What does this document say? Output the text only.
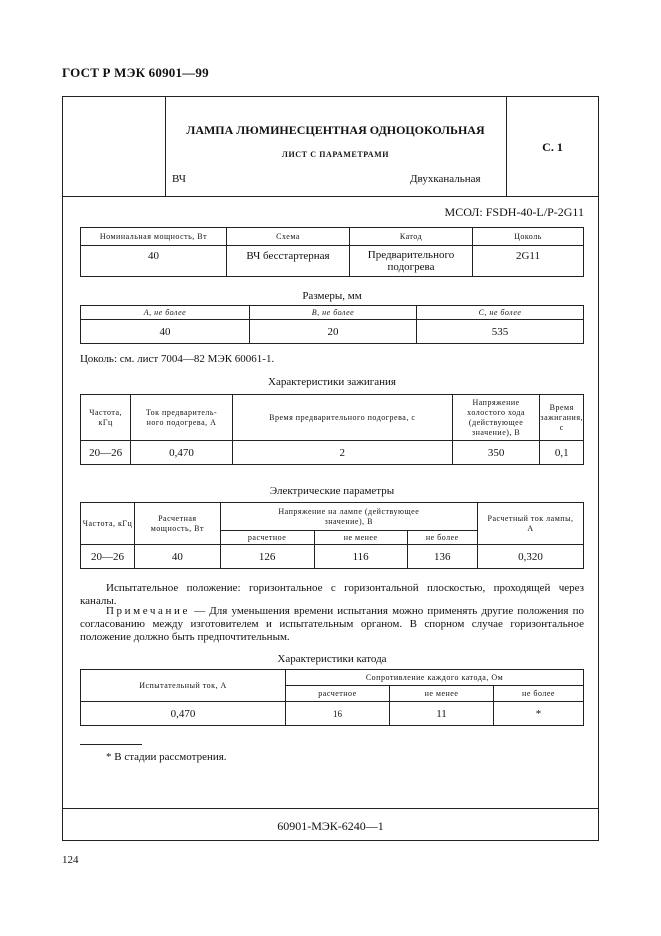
ГОСТ Р МЭК 60901—99
ЛАМПА ЛЮМИНЕСЦЕНТНАЯ ОДНОЦОКОЛЬНАЯ
ЛИСТ С ПАРАМЕТРАМИ
ВЧ	Двухканальная
С. 1
МСОЛ: FSDH-40-L/P-2G11
Номинальная мощность, Вт	Схема	Катод	Цоколь
40	ВЧ бесстартерная	Предварительного подогрева	2G11
Размеры, мм
A, не более	B, не более	C, не более
40	20	535
Цоколь: см. лист 7004—82 МЭК 60061-1.
Характеристики зажигания
Частота, кГц	Ток предваритель-ного подогрева, А	Время предварительного подогрева, с	Напряжение холостого хода (действующее значение), В	Время зажигания, с
20—26	0,470	2	350	0,1
Электрические параметры
Частота, кГц	Расчетная мощность, Вт	Напряжение на лампе (действующее значение), В			Расчетный ток лампы, А
		расчетное	не менее	не более	
20—26	40	126	116	136	0,320
Испытательное положение: горизонтальное с горизонтальной плоскостью, проходящей через каналы.
Примечание — Для уменьшения времени испытания можно применять другие положения по согласованию между изготовителем и испытательным органом. В спорном случае горизонтальное положение должно быть предпочтительным.
Характеристики катода
Испытательный ток, А	Сопротивление каждого катода, Ом		
	расчетное	не менее	не более
0,470	16	11	*
* В стадии рассмотрения.
60901-МЭК-6240—1
124
